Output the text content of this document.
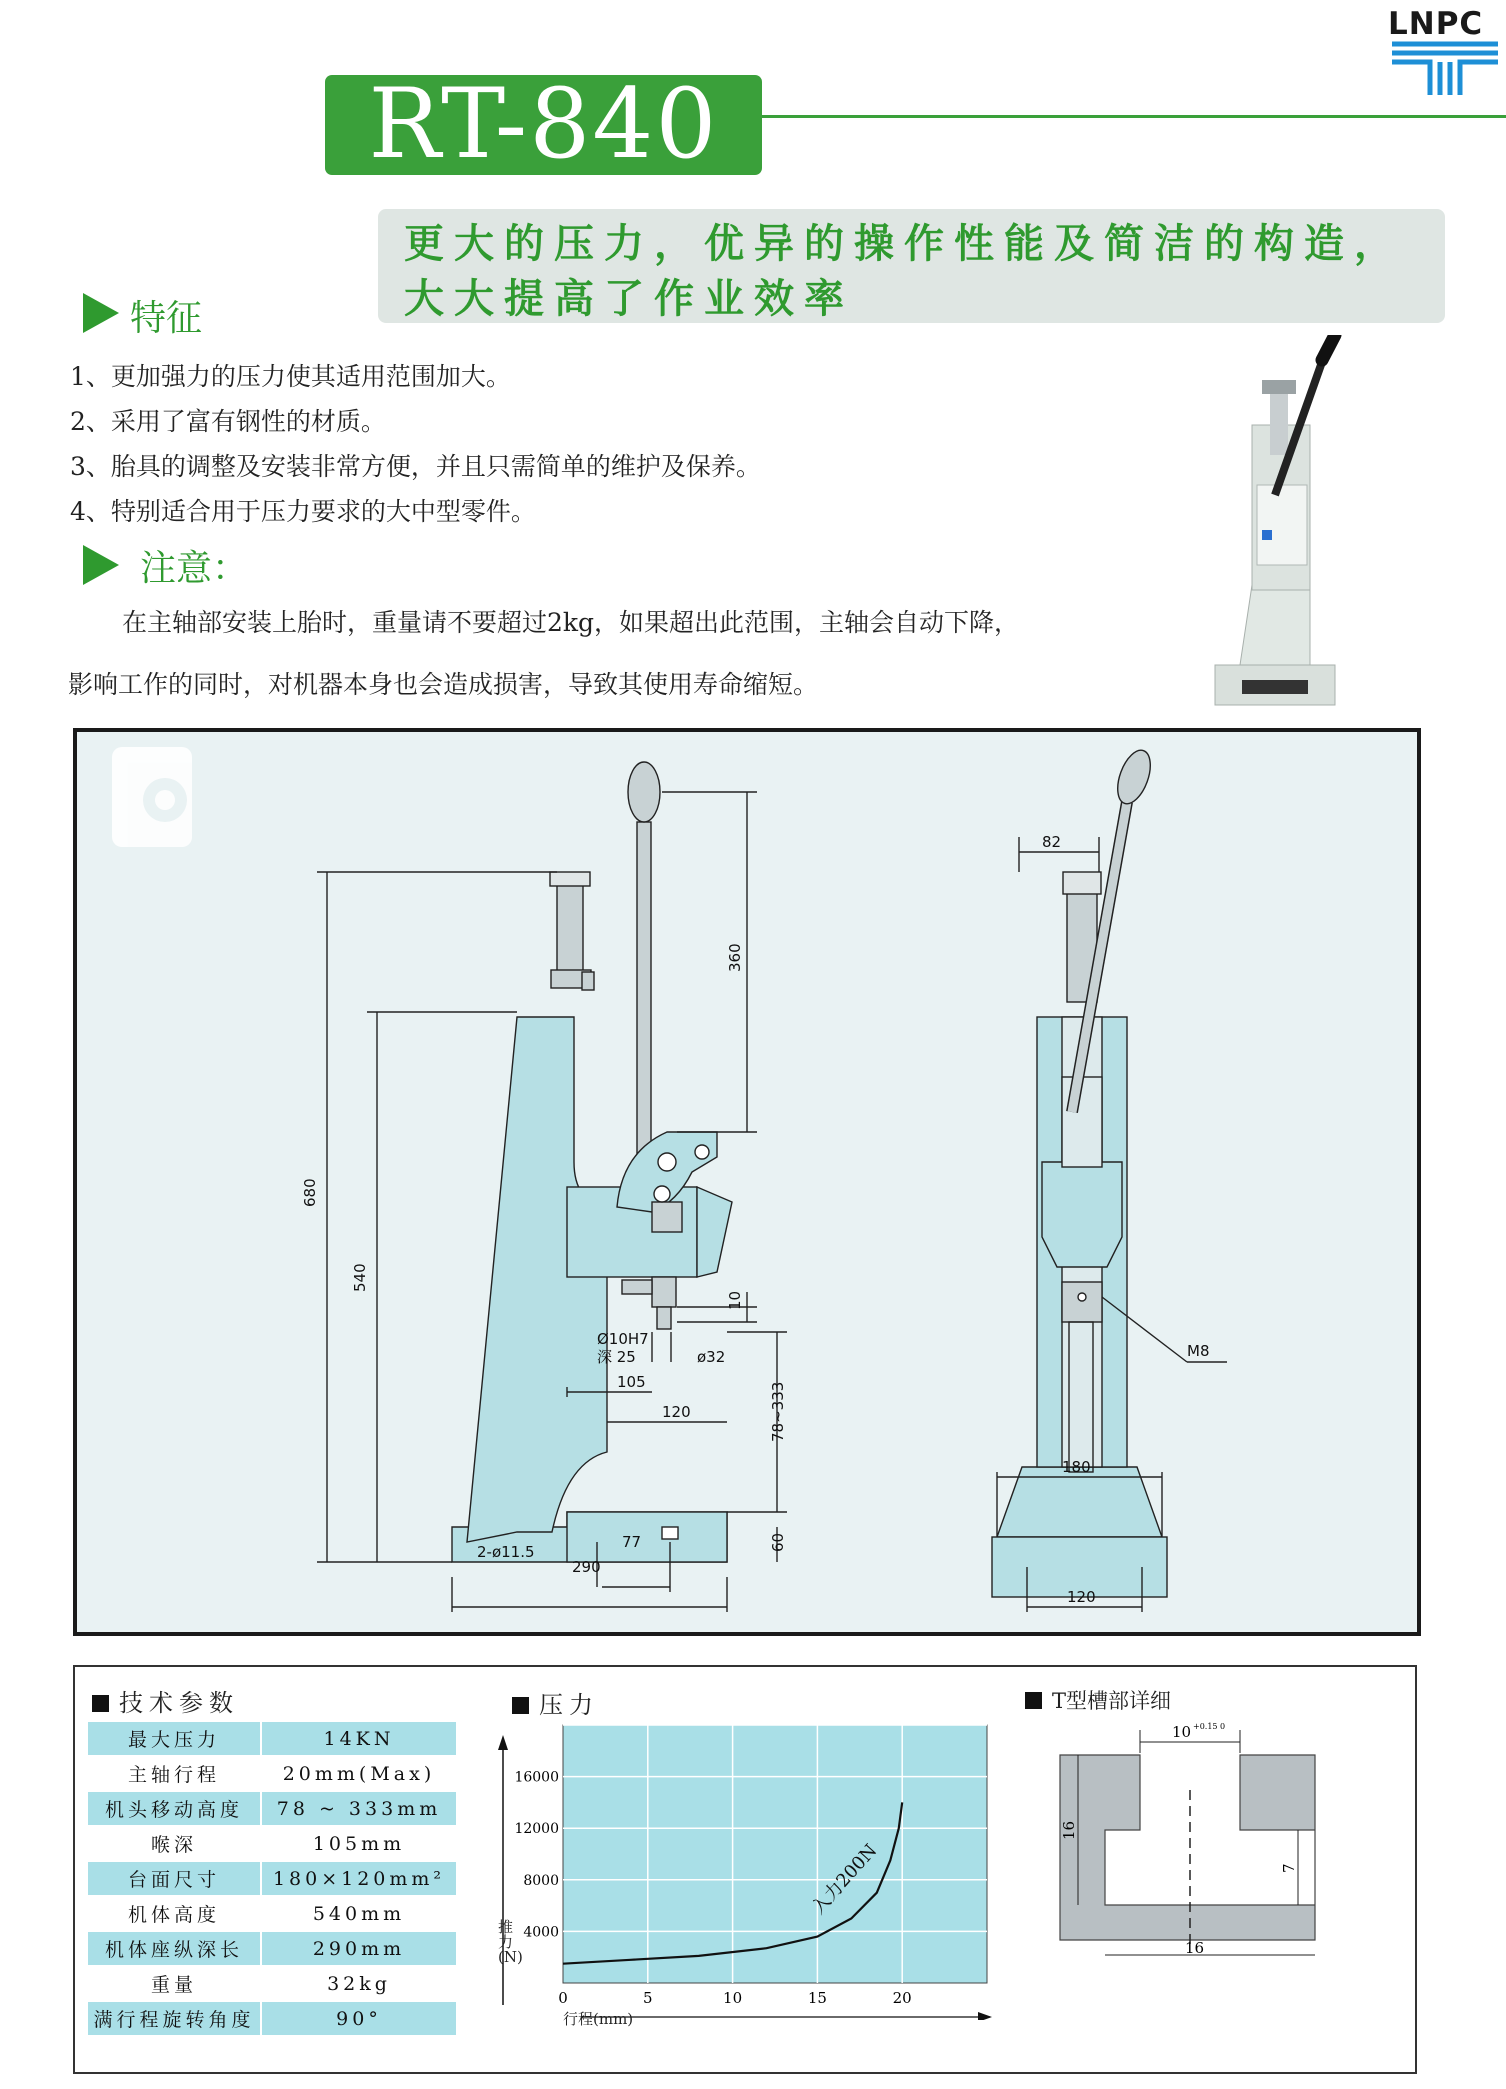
LNPC
RT-840
更大的压力，优异的操作性能及简洁的构造，
大大提高了作业效率
特征
1、更加强力的压力使其适用范围加大。
2、采用了富有钢性的材质。
3、胎具的调整及安装非常方便，并且只需简单的维护及保养。
4、特别适合用于压力要求的大中型零件。
注意：
在主轴部安装上胎时，重量请不要超过2kg，如果超出此范围，主轴会自动下降，
影响工作的同时，对机器本身也会造成损害，导致其使用寿命缩短。
680
540
360
10
Ø10H7
深 25	ø32
105
120	78~333
60
2-ø11.5
77
290
82
M8
180
120
技术参数
最大压力	14KN
主轴行程	20mm(Max)
机头移动高度	78 ~ 333mm
喉深	105mm
台面尺寸	180×120mm²
机体高度	540mm
机体座纵深长	290mm
重量	32kg
满行程旋转角度	90°
压力
4000
8000
12000
16000
0	5	10	15	20
入力200N
推力(N)
行程(mm)
T型槽部详细
10 +0.15 0
16
7
16
